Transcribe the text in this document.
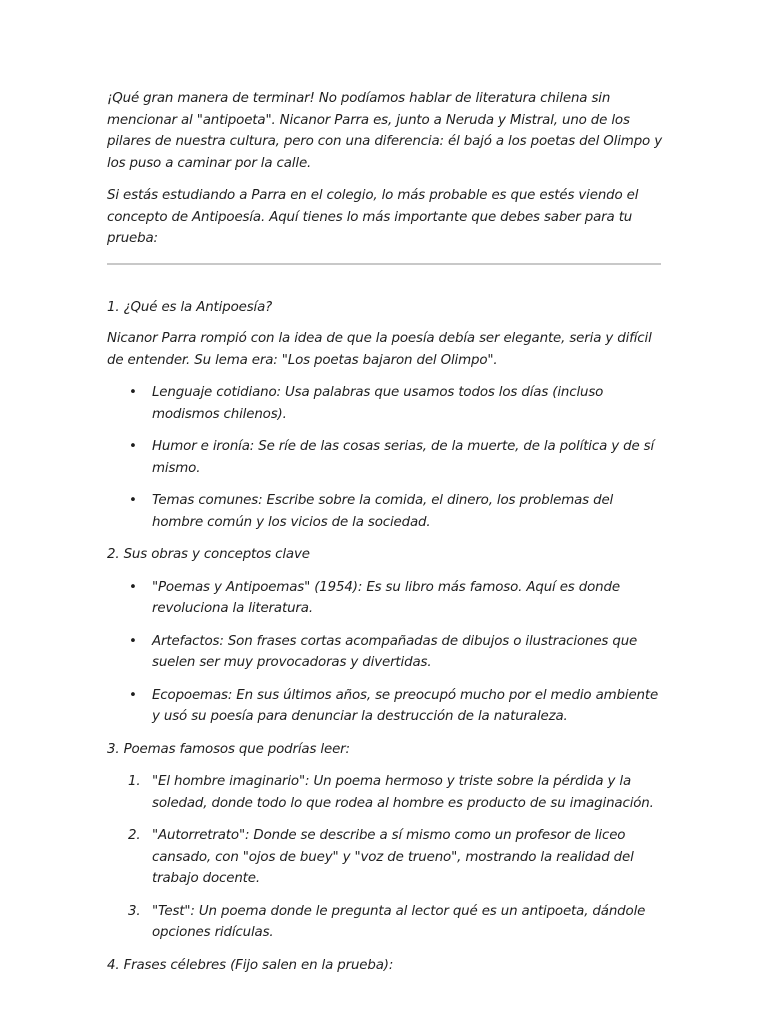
¡Qué gran manera de terminar! No podíamos hablar de literatura chilena sin mencionar al "antipoeta". Nicanor Parra es, junto a Neruda y Mistral, uno de los pilares de nuestra cultura, pero con una diferencia: él bajó a los poetas del Olimpo y los puso a caminar por la calle.

Si estás estudiando a Parra en el colegio, lo más probable es que estés viendo el concepto de Antipoesía. Aquí tienes lo más importante que debes saber para tu prueba:

1. ¿Qué es la Antipoesía?

Nicanor Parra rompió con la idea de que la poesía debía ser elegante, seria y difícil de entender. Su lema era: "Los poetas bajaron del Olimpo".

• Lenguaje cotidiano: Usa palabras que usamos todos los días (incluso modismos chilenos).
• Humor e ironía: Se ríe de las cosas serias, de la muerte, de la política y de sí mismo.
• Temas comunes: Escribe sobre la comida, el dinero, los problemas del hombre común y los vicios de la sociedad.

2. Sus obras y conceptos clave

• "Poemas y Antipoemas" (1954): Es su libro más famoso. Aquí es donde revoluciona la literatura.
• Artefactos: Son frases cortas acompañadas de dibujos o ilustraciones que suelen ser muy provocadoras y divertidas.
• Ecopoemas: En sus últimos años, se preocupó mucho por el medio ambiente y usó su poesía para denunciar la destrucción de la naturaleza.

3. Poemas famosos que podrías leer:

1. "El hombre imaginario": Un poema hermoso y triste sobre la pérdida y la soledad, donde todo lo que rodea al hombre es producto de su imaginación.
2. "Autorretrato": Donde se describe a sí mismo como un profesor de liceo cansado, con "ojos de buey" y "voz de trueno", mostrando la realidad del trabajo docente.
3. "Test": Un poema donde le pregunta al lector qué es un antipoeta, dándole opciones ridículas.

4. Frases célebres (Fijo salen en la prueba):
